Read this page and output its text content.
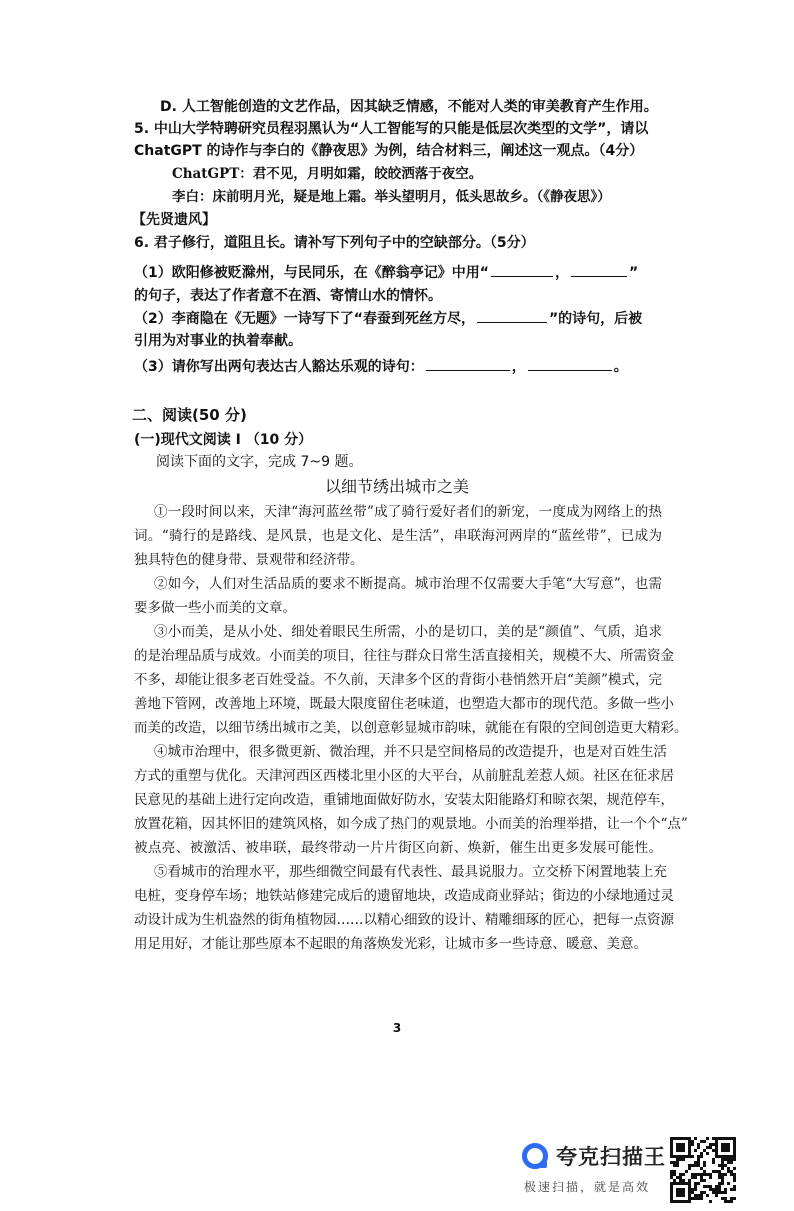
D. 人工智能创造的文艺作品，因其缺乏情感，不能对人类的审美教育产生作用。
5. 中山大学特聘研究员程羽黑认为“人工智能写的只能是低层次类型的文学”，请以
ChatGPT 的诗作与李白的《静夜思》为例，结合材料三，阐述这一观点。（4分）
ChatGPT：君不见，月明如霜，皎皎洒落于夜空。
李白：床前明月光，疑是地上霜。举头望明月，低头思故乡。（《静夜思》）
【先贤遗风】
6. 君子修行，道阻且长。请补写下列句子中的空缺部分。（5分）
（1）欧阳修被贬滁州，与民同乐，在《醉翁亭记》中用“	，	”
的句子，表达了作者意不在酒、寄情山水的情怀。
（2）李商隐在《无题》一诗写下了“春蚕到死丝方尽，	”的诗句，后被
引用为对事业的执着奉献。
（3）请你写出两句表达古人豁达乐观的诗句：	，	。
二、阅读(50 分)
(一)现代文阅读 I （10 分）
阅读下面的文字，完成 7~9 题。
以细节绣出城市之美
①一段时间以来，天津“海河蓝丝带”成了骑行爱好者们的新宠，一度成为网络上的热
词。“骑行的是路线、是风景，也是文化、是生活”，串联海河两岸的“蓝丝带”，已成为
独具特色的健身带、景观带和经济带。
②如今，人们对生活品质的要求不断提高。城市治理不仅需要大手笔“大写意”，也需
要多做一些小而美的文章。
③小而美，是从小处、细处着眼民生所需，小的是切口，美的是“颜值”、气质，追求
的是治理品质与成效。小而美的项目，往往与群众日常生活直接相关，规模不大、所需资金
不多，却能让很多老百姓受益。不久前，天津多个区的背街小巷悄然开启“美颜”模式，完
善地下管网，改善地上环境，既最大限度留住老味道，也塑造大都市的现代范。多做一些小
而美的改造，以细节绣出城市之美，以创意彰显城市韵味，就能在有限的空间创造更大精彩。
④城市治理中，很多微更新、微治理，并不只是空间格局的改造提升，也是对百姓生活
方式的重塑与优化。天津河西区西楼北里小区的大平台，从前脏乱差惹人烦。社区在征求居
民意见的基础上进行定向改造，重铺地面做好防水，安装太阳能路灯和晾衣架，规范停车，
放置花箱，因其怀旧的建筑风格，如今成了热门的观景地。小而美的治理举措，让一个个“点”
被点亮、被激活、被串联，最终带动一片片街区向新、焕新，催生出更多发展可能性。
⑤看城市的治理水平，那些细微空间最有代表性、最具说服力。立交桥下闲置地装上充
电桩，变身停车场；地铁站修建完成后的遗留地块，改造成商业驿站；街边的小绿地通过灵
动设计成为生机盎然的街角植物园……以精心细致的设计、精雕细琢的匠心，把每一点资源
用足用好，才能让那些原本不起眼的角落焕发光彩，让城市多一些诗意、暖意、美意。
3
夸克扫描王
极速扫描，就是高效
